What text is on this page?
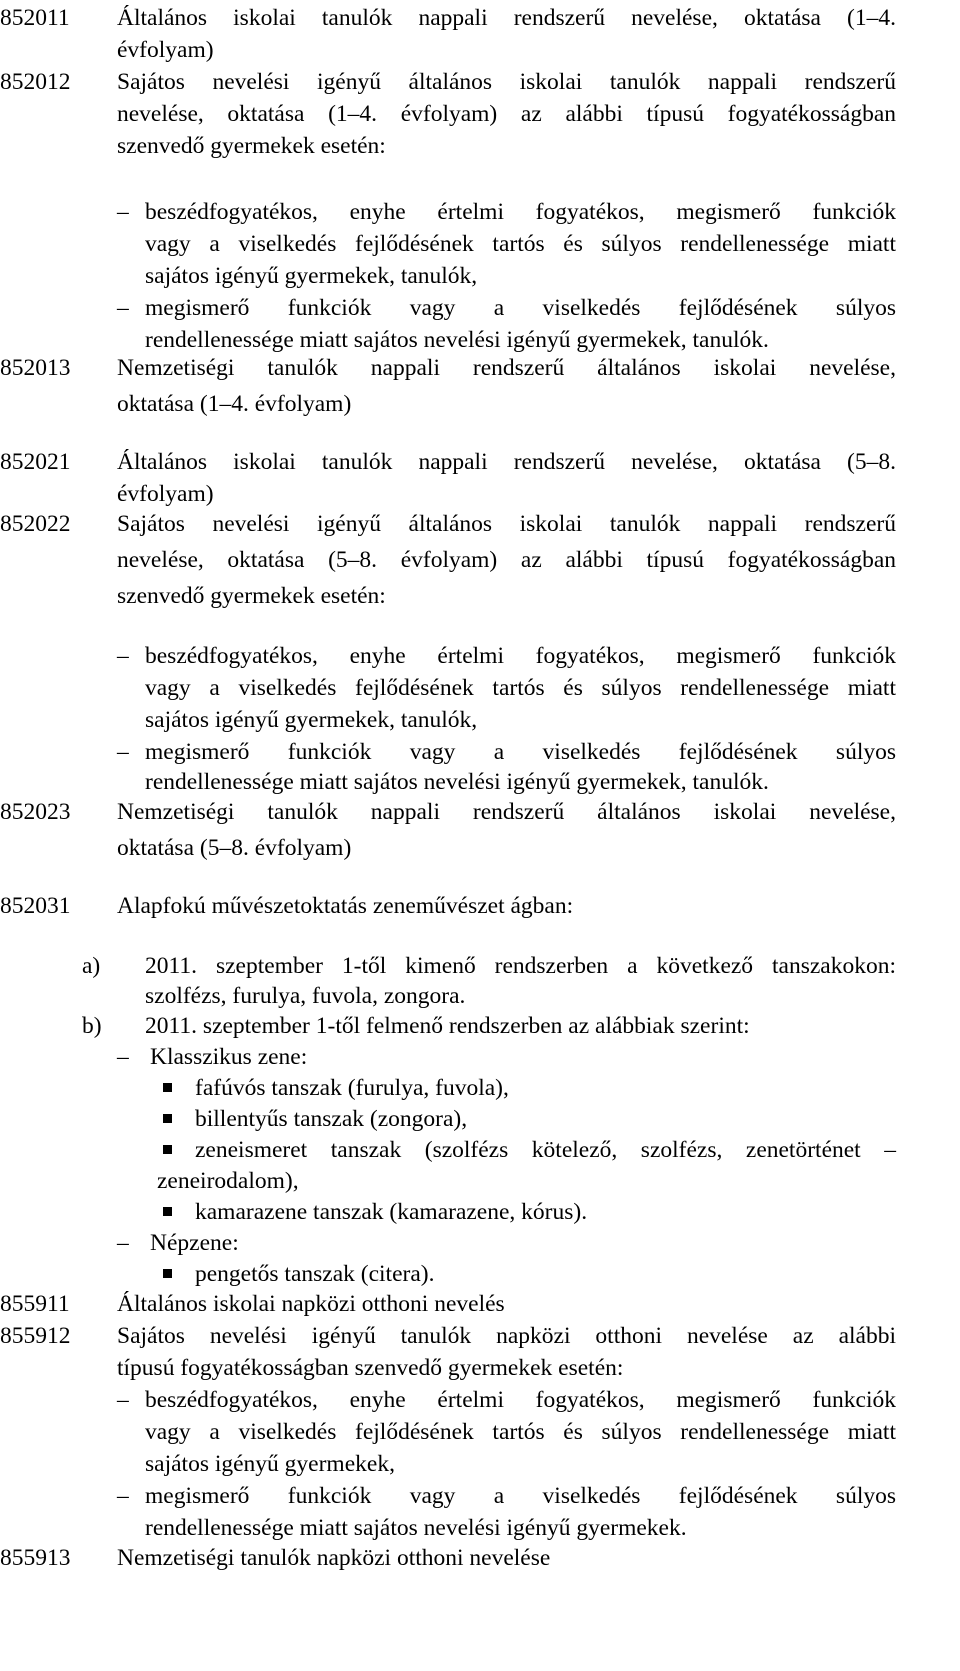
852011	Általános iskolai tanulók nappali rendszerű nevelése, oktatása (1–4.
évfolyam)
852012	Sajátos nevelési igényű általános iskolai tanulók nappali rendszerű
nevelése, oktatása (1–4. évfolyam) az alábbi típusú fogyatékosságban
szenvedő gyermekek esetén:
– beszédfogyatékos, enyhe értelmi fogyatékos, megismerő funkciók
vagy a viselkedés fejlődésének tartós és súlyos rendellenessége miatt
sajátos igényű gyermekek, tanulók,
– megismerő funkciók vagy a viselkedés fejlődésének súlyos
rendellenessége miatt sajátos nevelési igényű gyermekek, tanulók.
852013	Nemzetiségi tanulók nappali rendszerű általános iskolai nevelése,
oktatása (1–4. évfolyam)
852021	Általános iskolai tanulók nappali rendszerű nevelése, oktatása (5–8.
évfolyam)
852022	Sajátos nevelési igényű általános iskolai tanulók nappali rendszerű
nevelése, oktatása (5–8. évfolyam) az alábbi típusú fogyatékosságban
szenvedő gyermekek esetén:
– beszédfogyatékos, enyhe értelmi fogyatékos, megismerő funkciók
vagy a viselkedés fejlődésének tartós és súlyos rendellenessége miatt
sajátos igényű gyermekek, tanulók,
– megismerő funkciók vagy a viselkedés fejlődésének súlyos
rendellenessége miatt sajátos nevelési igényű gyermekek, tanulók.
852023	Nemzetiségi tanulók nappali rendszerű általános iskolai nevelése,
oktatása (5–8. évfolyam)
852031	Alapfokú művészetoktatás zeneművészet ágban:
a) 2011. szeptember 1-től kimenő rendszerben a következő tanszakokon:
szolfézs, furulya, fuvola, zongora.
b) 2011. szeptember 1-től felmenő rendszerben az alábbiak szerint:
– Klasszikus zene:
fafúvós tanszak (furulya, fuvola),
billentyűs tanszak (zongora),
zeneismeret tanszak (szolfézs kötelező, szolfézs, zenetörténet –
zeneirodalom),
kamarazene tanszak (kamarazene, kórus).
– Népzene:
pengetős tanszak (citera).
855911	Általános iskolai napközi otthoni nevelés
855912	Sajátos nevelési igényű tanulók napközi otthoni nevelése az alábbi
típusú fogyatékosságban szenvedő gyermekek esetén:
– beszédfogyatékos, enyhe értelmi fogyatékos, megismerő funkciók
vagy a viselkedés fejlődésének tartós és súlyos rendellenessége miatt
sajátos igényű gyermekek,
– megismerő funkciók vagy a viselkedés fejlődésének súlyos
rendellenessége miatt sajátos nevelési igényű gyermekek.
855913	Nemzetiségi tanulók napközi otthoni nevelése
